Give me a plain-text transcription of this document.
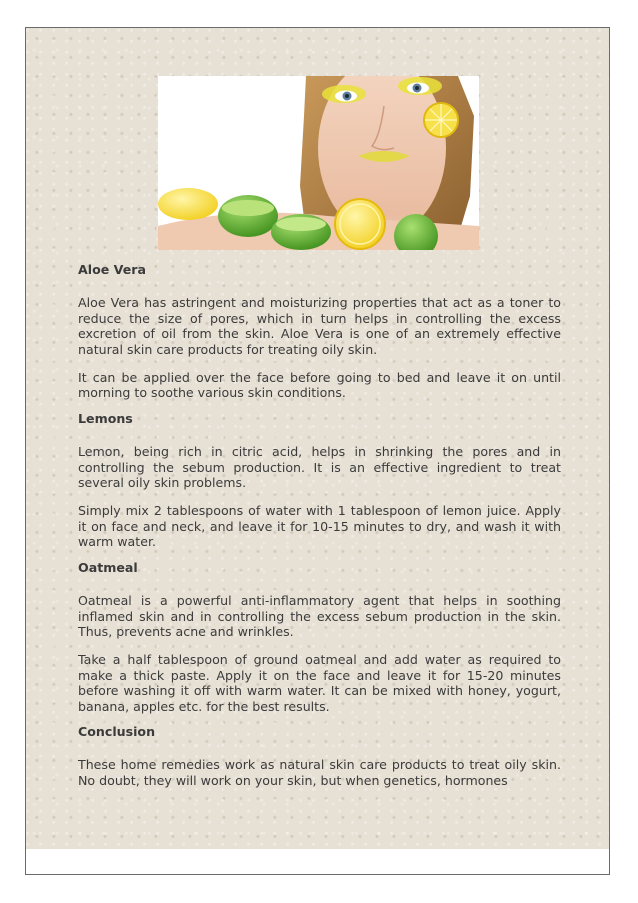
Aloe Vera

Aloe Vera has astringent and moisturizing properties that act as a toner to reduce the size of pores, which in turn helps in controlling the excess excretion of oil from the skin. Aloe Vera is one of an extremely effective natural skin care products for treating oily skin.

It can be applied over the face before going to bed and leave it on until morning to soothe various skin conditions.

Lemons

Lemon, being rich in citric acid, helps in shrinking the pores and in controlling the sebum production. It is an effective ingredient to treat several oily skin problems.

Simply mix 2 tablespoons of water with 1 tablespoon of lemon juice. Apply it on face and neck, and leave it for 10-15 minutes to dry, and wash it with warm water.

Oatmeal

Oatmeal is a powerful anti-inflammatory agent that helps in soothing inflamed skin and in controlling the excess sebum production in the skin. Thus, prevents acne and wrinkles.

Take a half tablespoon of ground oatmeal and add water as required to make a thick paste. Apply it on the face and leave it for 15-20 minutes before washing it off with warm water. It can be mixed with honey, yogurt, banana, apples etc. for the best results.

Conclusion

These home remedies work as natural skin care products to treat oily skin. No doubt, they will work on your skin, but when genetics, hormones
